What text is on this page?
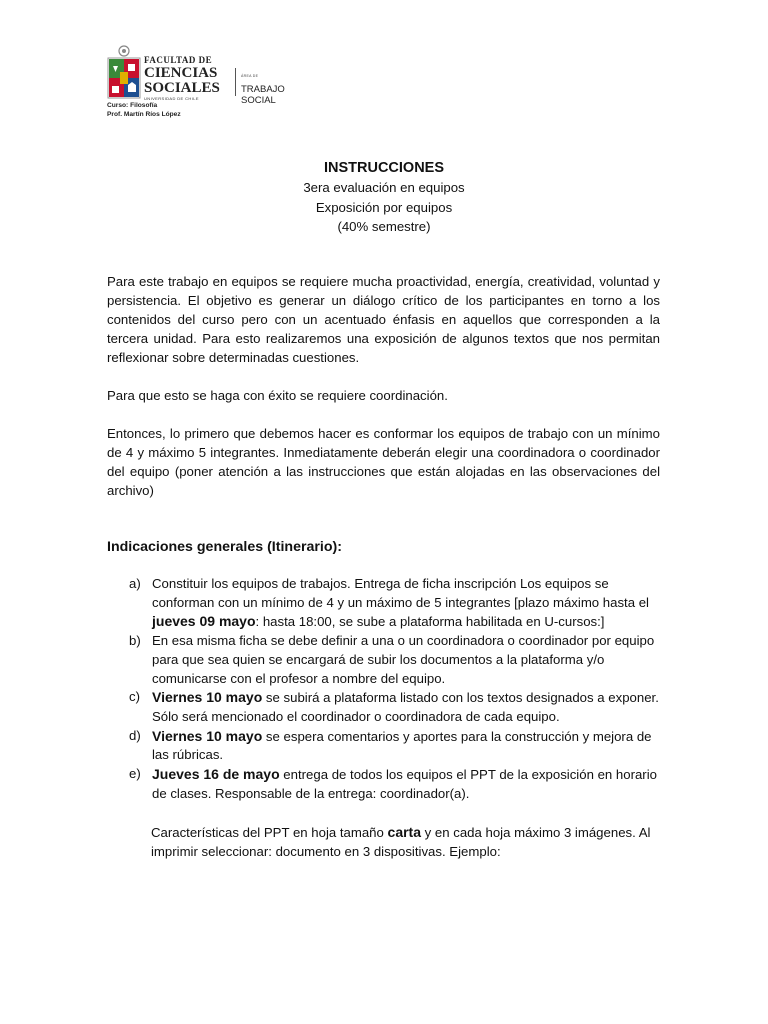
FACULTAD DE
CIENCIAS
SOCIALES
UNIVERSIDAD DE CHILE
ÁREA DE
TRABAJO SOCIAL
Curso: Filosofía
Prof. Martín Ríos López
INSTRUCCIONES
3era evaluación en equipos
Exposición por equipos
(40% semestre)

Para este trabajo en equipos se requiere mucha proactividad, energía, creatividad, voluntad y persistencia. El objetivo es generar un diálogo crítico de los participantes en torno a los contenidos del curso pero con un acentuado énfasis en aquellos que corresponden a la tercera unidad. Para esto realizaremos una exposición de algunos textos que nos permitan reflexionar sobre determinadas cuestiones.

Para que esto se haga con éxito se requiere coordinación.

Entonces, lo primero que debemos hacer es conformar los equipos de trabajo con un mínimo de 4 y máximo 5 integrantes. Inmediatamente deberán elegir una coordinadora o coordinador del equipo (poner atención a las instrucciones que están alojadas en las observaciones del archivo)

Indicaciones generales (Itinerario):
a) Constituir los equipos de trabajos. Entrega de ficha inscripción Los equipos se conforman con un mínimo de 4 y un máximo de 5 integrantes [plazo máximo hasta el jueves 09 mayo: hasta 18:00, se sube a plataforma habilitada en U-cursos:]
b) En esa misma ficha se debe definir a una o un coordinadora o coordinador por equipo para que sea quien se encargará de subir los documentos a la plataforma y/o comunicarse con el profesor a nombre del equipo.
c) Viernes 10 mayo se subirá a plataforma listado con los textos designados a exponer. Sólo será mencionado el coordinador o coordinadora de cada equipo.
d) Viernes 10 mayo se espera comentarios y aportes para la construcción y mejora de las rúbricas.
e) Jueves 16 de mayo entrega de todos los equipos el PPT de la exposición en horario de clases. Responsable de la entrega: coordinador(a).
Características del PPT en hoja tamaño carta y en cada hoja máximo 3 imágenes. Al imprimir seleccionar: documento en 3 dispositivas. Ejemplo:
